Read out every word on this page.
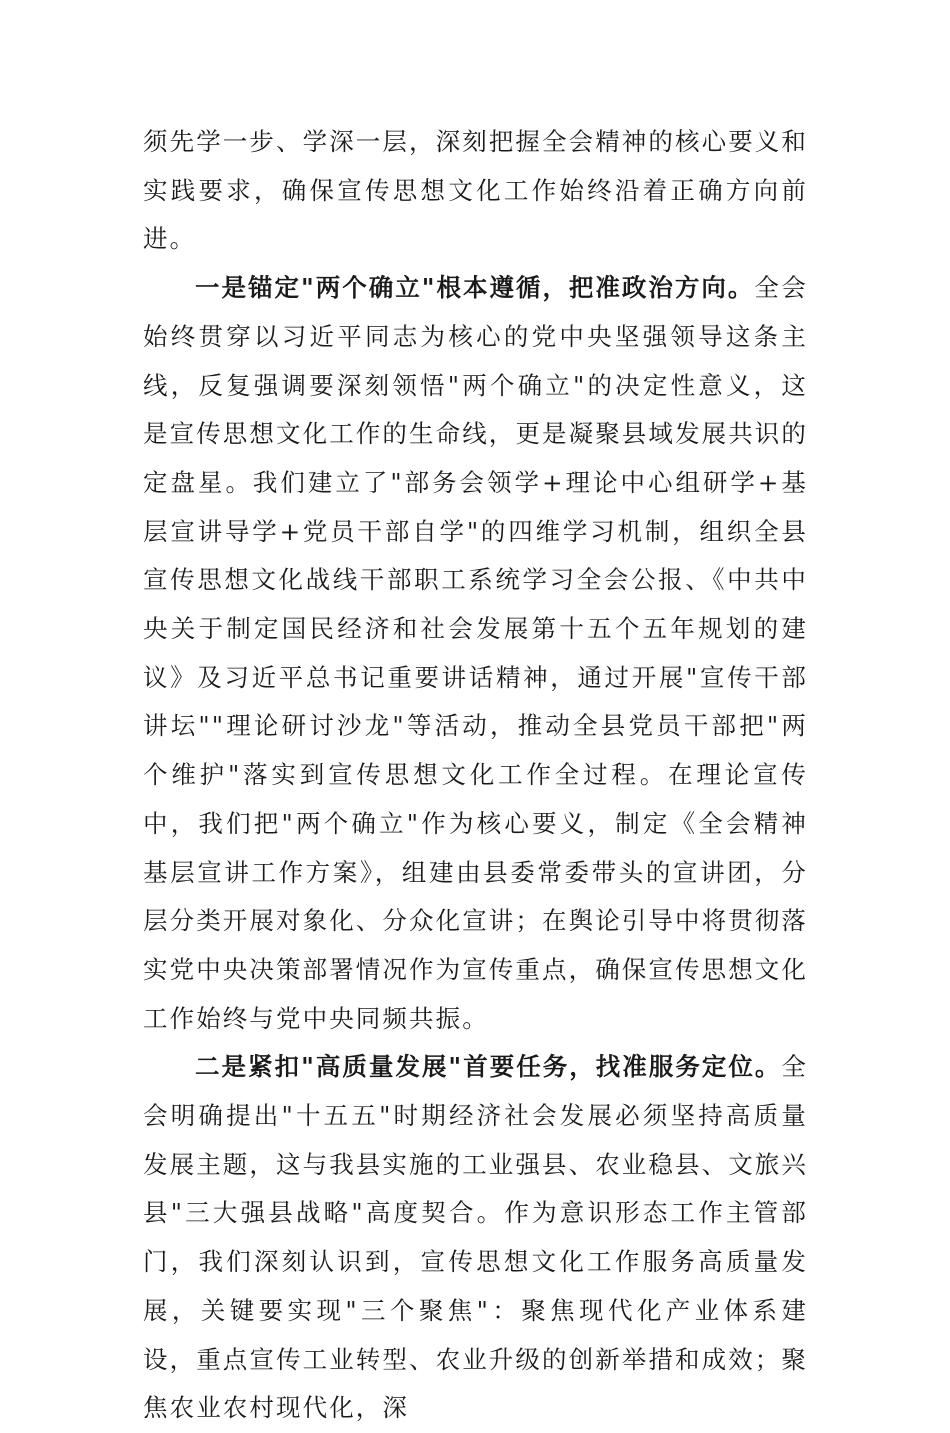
须先学一步、学深一层，深刻把握全会精神的核心要义和实践要求，确保宣传思想文化工作始终沿着正确方向前进。

一是锚定"两个确立"根本遵循，把准政治方向。全会始终贯穿以习近平同志为核心的党中央坚强领导这条主线，反复强调要深刻领悟"两个确立"的决定性意义，这是宣传思想文化工作的生命线，更是凝聚县域发展共识的定盘星。我们建立了"部务会领学+理论中心组研学+基层宣讲导学+党员干部自学"的四维学习机制，组织全县宣传思想文化战线干部职工系统学习全会公报、《中共中央关于制定国民经济和社会发展第十五个五年规划的建议》及习近平总书记重要讲话精神，通过开展"宣传干部讲坛""理论研讨沙龙"等活动，推动全县党员干部把"两个维护"落实到宣传思想文化工作全过程。在理论宣传中，我们把"两个确立"作为核心要义，制定《全会精神基层宣讲工作方案》，组建由县委常委带头的宣讲团，分层分类开展对象化、分众化宣讲；在舆论引导中将贯彻落实党中央决策部署情况作为宣传重点，确保宣传思想文化工作始终与党中央同频共振。

二是紧扣"高质量发展"首要任务，找准服务定位。全会明确提出"十五五"时期经济社会发展必须坚持高质量发展主题，这与我县实施的工业强县、农业稳县、文旅兴县"三大强县战略"高度契合。作为意识形态工作主管部门，我们深刻认识到，宣传思想文化工作服务高质量发展，关键要实现"三个聚焦"：聚焦现代化产业体系建设，重点宣传工业转型、农业升级的创新举措和成效；聚焦农业农村现代化，深
